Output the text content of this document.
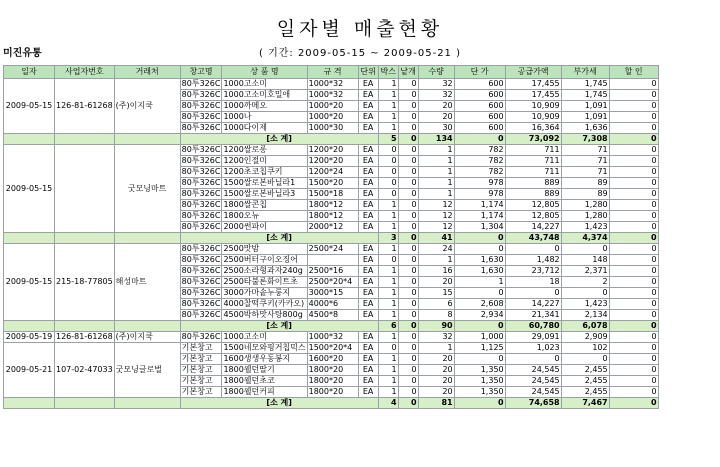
일자별 매출현황
미진유통	( 기간: 2009-05-15 ~ 2009-05-21 )
일자	사업자번호	거래처	창고명	상 품 명	규 격	단위	박스	낱개	수량	단 가	공급가액	부가세	할 인
2009-05-15	126-81-61268	(주)이지쿡	80투326C	1000고소미	1000*32	EA	1	0	32	600	17,455	1,745	0
			80투326C	1000고소미호밀애	1000*32	EA	1	0	32	600	17,455	1,745	0
			80투326C	1000까메오	1000*20	EA	1	0	20	600	10,909	1,091	0
			80투326C	1000나	1000*20	EA	1	0	20	600	10,909	1,091	0
			80투326C	1000다이제	1000*30	EA	1	0	30	600	16,364	1,636	0
			[소 계]				5	0	134	0	73,092	7,308	0
2009-05-15		굿모닝마트	80투326C	1200쌀로롱	1200*20	EA	0	0	1	782	711	71	0
			80투326C	1200인절미	1200*20	EA	0	0	1	782	711	71	0
			80투326C	1200초코칩쿠키	1200*24	EA	0	0	1	782	711	71	0
			80투326C	1500쌀로본바닐라1	1500*20	EA	0	0	1	978	889	89	0
			80투326C	1500쌀로본바닐라3	1500*18	EA	0	0	1	978	889	89	0
			80투326C	1800쌀콘칩	1800*12	EA	1	0	12	1,174	12,805	1,280	0
			80투326C	1800오뉴	1800*12	EA	1	0	12	1,174	12,805	1,280	0
			80투326C	2000썬파이	2000*12	EA	1	0	12	1,304	14,227	1,423	0
			[소 계]				3	0	41	0	43,748	4,374	0
2009-05-15	215-18-77805	해성마트	80투326C	2500맛밤	2500*24	EA	1	0	24	0	0	0	0
			80투326C	2500버터구이오징어		EA	0	0	1	1,630	1,482	148	0
			80투326C	2500소라형과자240g	2500*16	EA	1	0	16	1,630	23,712	2,371	0
			80투326C	2500타불론화이트초	2500*20*4	EA	1	0	20	1	18	2	0
			80투326C	3000가마솥누룽지	3000*15	EA	1	0	15	0	0	0	0
			80투326C	4000찰떡쿠키(카카오)	4000*6	EA	1	0	6	2,608	14,227	1,423	0
			80투326C	4500박하맛사탕800g	4500*8	EA	1	0	8	2,934	21,341	2,134	0
			[소 계]				6	0	90	0	60,780	6,078	0
2009-05-19	126-81-61268	(주)이지쿡	80투326C	1000고소미	1000*32	EA	1	0	32	1,000	29,091	2,909	0
2009-05-21	107-02-47033	굿모닝글로벌	기본창고	1500네모와핑거칩믹스	1500*20*4	EA	0	0	1	1,125	1,023	102	0
			기본창고	1600생생우동봉지	1600*20	EA	1	0	20	0	0	0	0
			기본창고	1800웰던딸기	1800*20	EA	1	0	20	1,350	24,545	2,455	0
			기본창고	1800웰던초코	1800*20	EA	1	0	20	1,350	24,545	2,455	0
			기본창고	1800웰던커피	1800*20	EA	1	0	20	1,350	24,545	2,455	0
			[소 계]				4	0	81	0	74,658	7,467	0
